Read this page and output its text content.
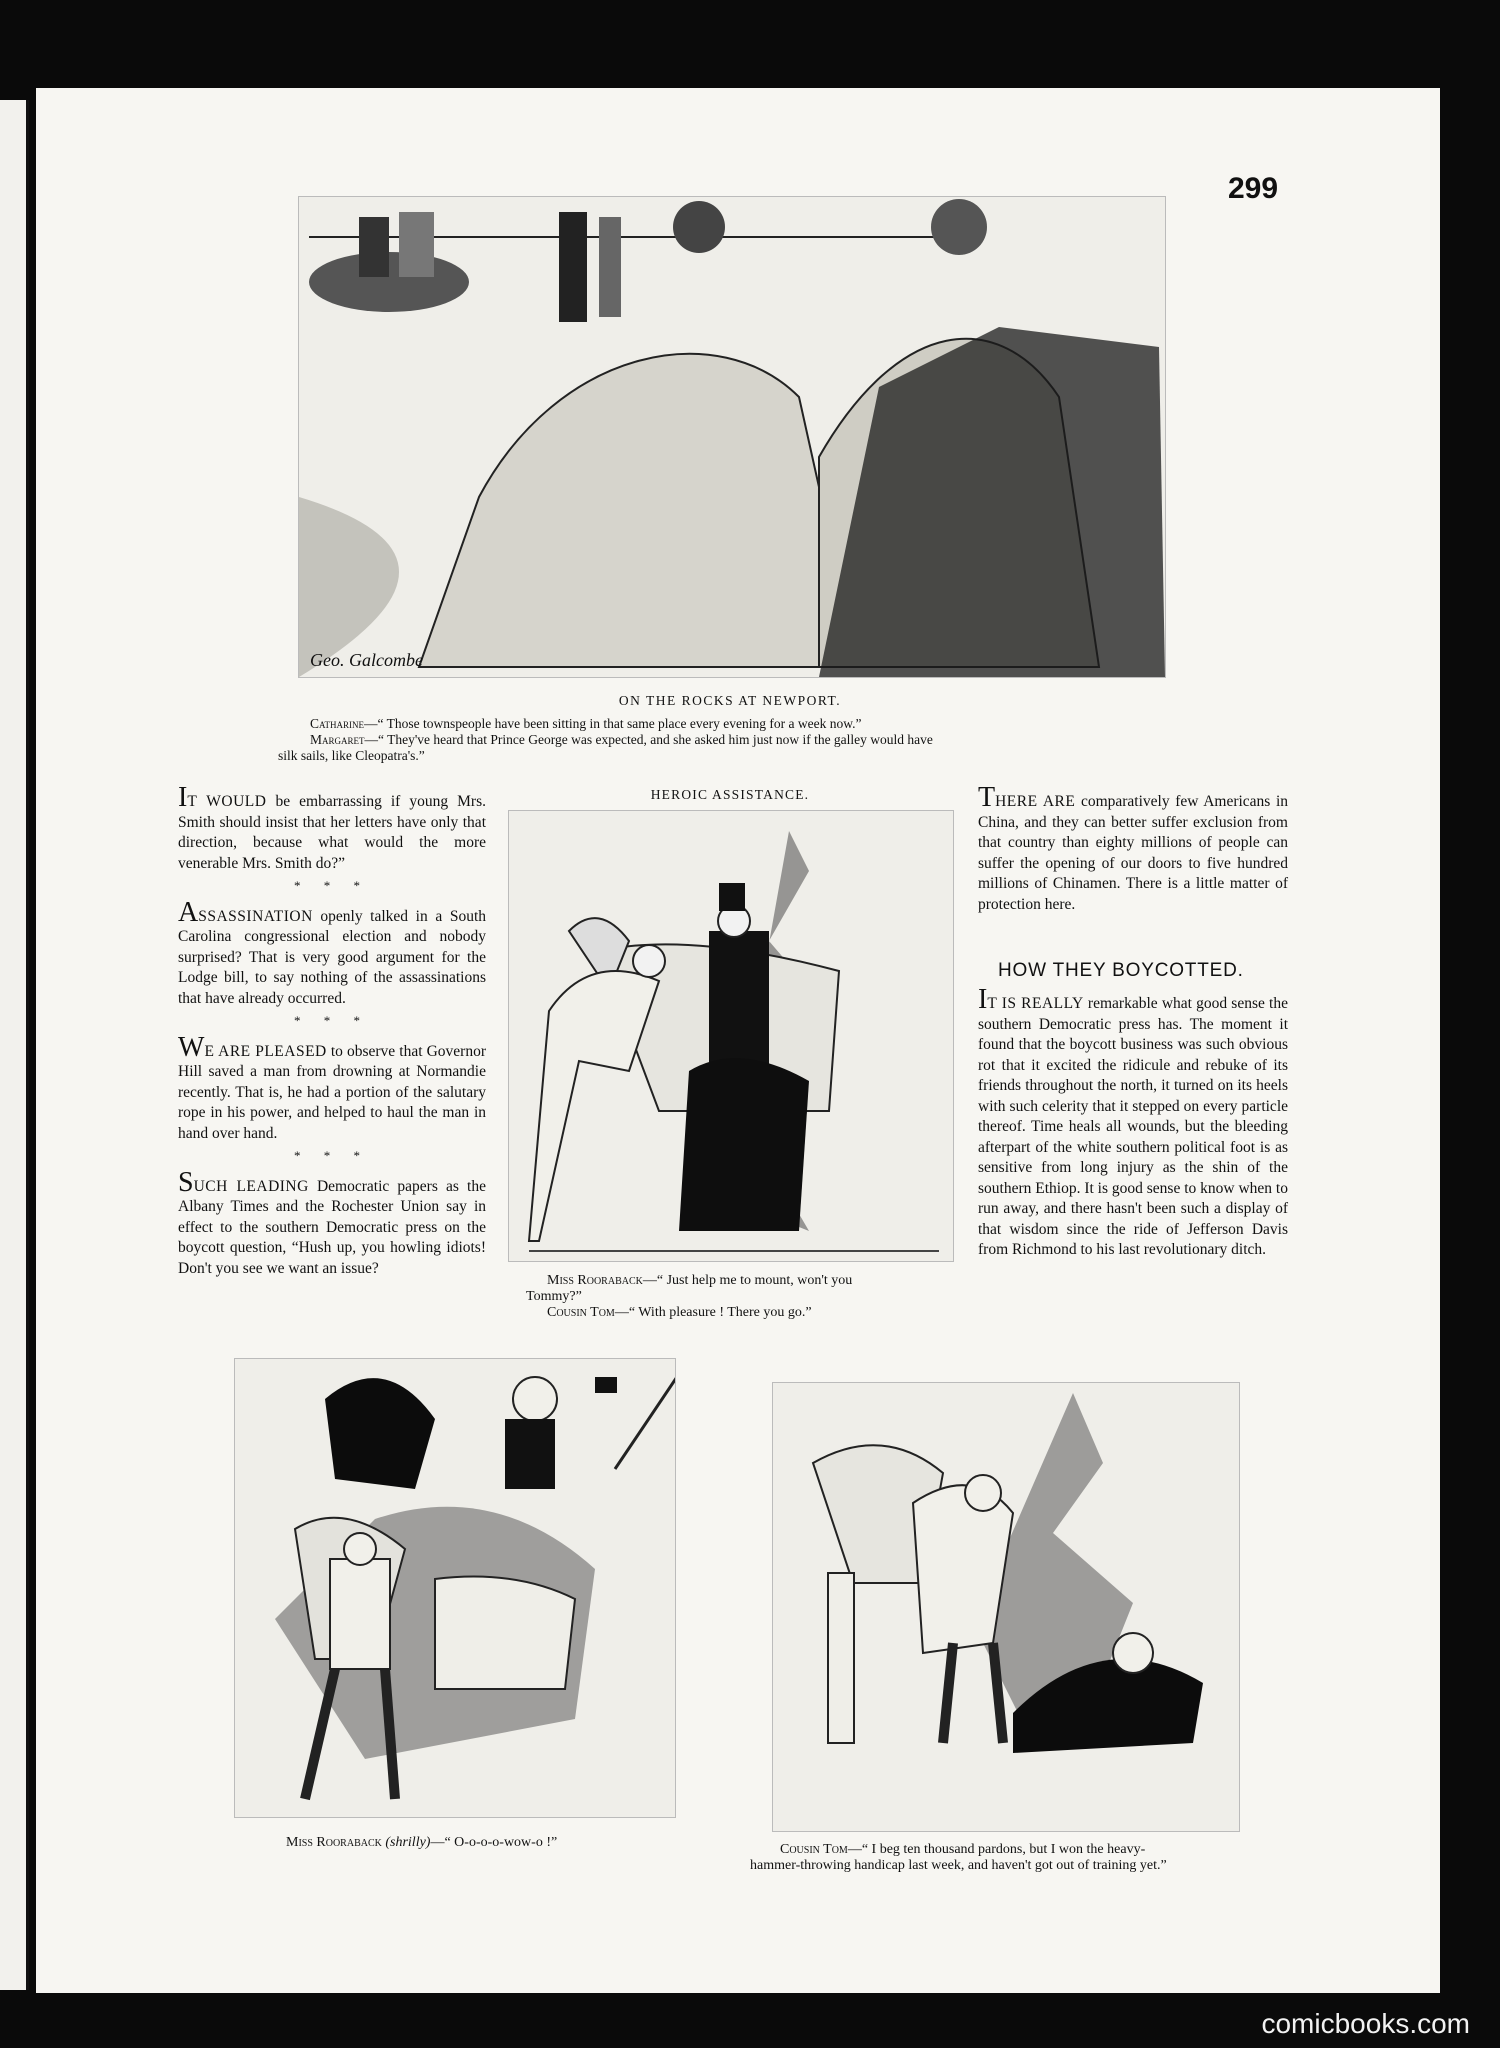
299
Geo. Galcombe
ON THE ROCKS AT NEWPORT.
Catharine—“ Those townspeople have been sitting in that same place every evening for a week now.”
Margaret—“ They've heard that Prince George was expected, and she asked him just now if the galley would have
silk sails, like Cleopatra's.”

IT WOULD be embarrassing if young Mrs. Smith should insist that her letters have only that direction, because what would the more venerable Mrs. Smith do?”

* * *

ASSASSINATION openly talked in a South Carolina congressional election and nobody surprised? That is very good argument for the Lodge bill, to say nothing of the assassinations that have already occurred.

* * *

WE ARE PLEASED to observe that Governor Hill saved a man from drowning at Normandie recently. That is, he had a portion of the salutary rope in his power, and helped to haul the man in hand over hand.

* * *

SUCH LEADING Democratic papers as the Albany Times and the Rochester Union say in effect to the southern Democratic press on the boycott question, “Hush up, you howling idiots! Don't you see we want an issue?

HEROIC ASSISTANCE.
Miss Rooraback—“ Just help me to mount, won't you
Tommy?”
Cousin Tom—“ With pleasure ! There you go.”

THERE ARE comparatively few Americans in China, and they can better suffer exclusion from that country than eighty millions of people can suffer the opening of our doors to five hundred millions of Chinamen. There is a little matter of protection here.

HOW THEY BOYCOTTED.

IT IS REALLY remarkable what good sense the southern Democratic press has. The moment it found that the boycott business was such obvious rot that it excited the ridicule and rebuke of its friends throughout the north, it turned on its heels with such celerity that it stepped on every particle thereof. Time heals all wounds, but the bleeding afterpart of the white southern political foot is as sensitive from long injury as the shin of the southern Ethiop. It is good sense to know when to run away, and there hasn't been such a display of that wisdom since the ride of Jefferson Davis from Richmond to his last revolutionary ditch.

Miss Rooraback (shrilly)—“ O-o-o-o-wow-o !”	Cousin Tom—“ I beg ten thousand pardons, but I won the heavy-
hammer-throwing handicap last week, and haven't got out of training yet.”
comicbooks.com
